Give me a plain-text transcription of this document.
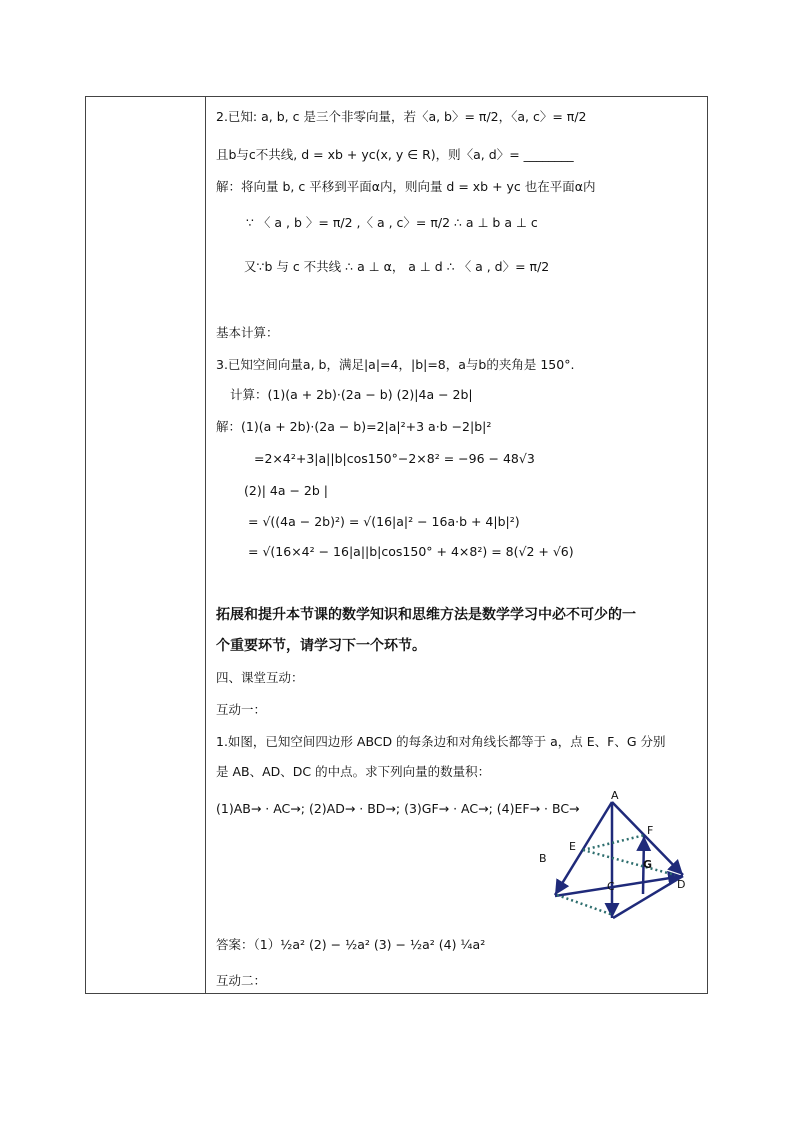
2.已知: a, b, c 是三个非零向量，若〈a, b〉= π/2，〈a, c〉= π/2
且b与c不共线, d = xb + yc(x, y ∈ R)，则〈a, d〉= ________
解：将向量 b, c 平移到平面α内，则向量 d = xb + yc 也在平面α内
∵ 〈 a , b 〉= π/2 ,〈 a , c〉= π/2 ∴ a ⊥ b a ⊥ c
又∵b 与 c 不共线 ∴ a ⊥ α， a ⊥ d ∴ 〈 a , d〉= π/2
基本计算：
3.已知空间向量a, b，满足|a|=4，|b|=8，a与b的夹角是 150°.
计算：(1)(a + 2b)·(2a − b) (2)|4a − 2b|
解：(1)(a + 2b)·(2a − b)=2|a|²+3 a·b −2|b|²
=2×4²+3|a||b|cos150°−2×8² = −96 − 48√3
(2)| 4a − 2b |
= √((4a − 2b)²) = √(16|a|² − 16a·b + 4|b|²)
= √(16×4² − 16|a||b|cos150° + 4×8²) = 8(√2 + √6)
拓展和提升本节课的数学知识和思维方法是数学学习中必不可少的一
个重要环节，请学习下一个环节。
四、课堂互动：
互动一：
1.如图，已知空间四边形 ABCD 的每条边和对角线长都等于 a，点 E、F、G 分别
是 AB、AD、DC 的中点。求下列向量的数量积：
(1)AB→ · AC→; (2)AD→ · BD→; (3)GF→ · AC→; (4)EF→ · BC→
答案：（1）½a² (2) − ½a² (3) − ½a² (4) ¼a²
互动二：
A
B
C	D
E
F
G
